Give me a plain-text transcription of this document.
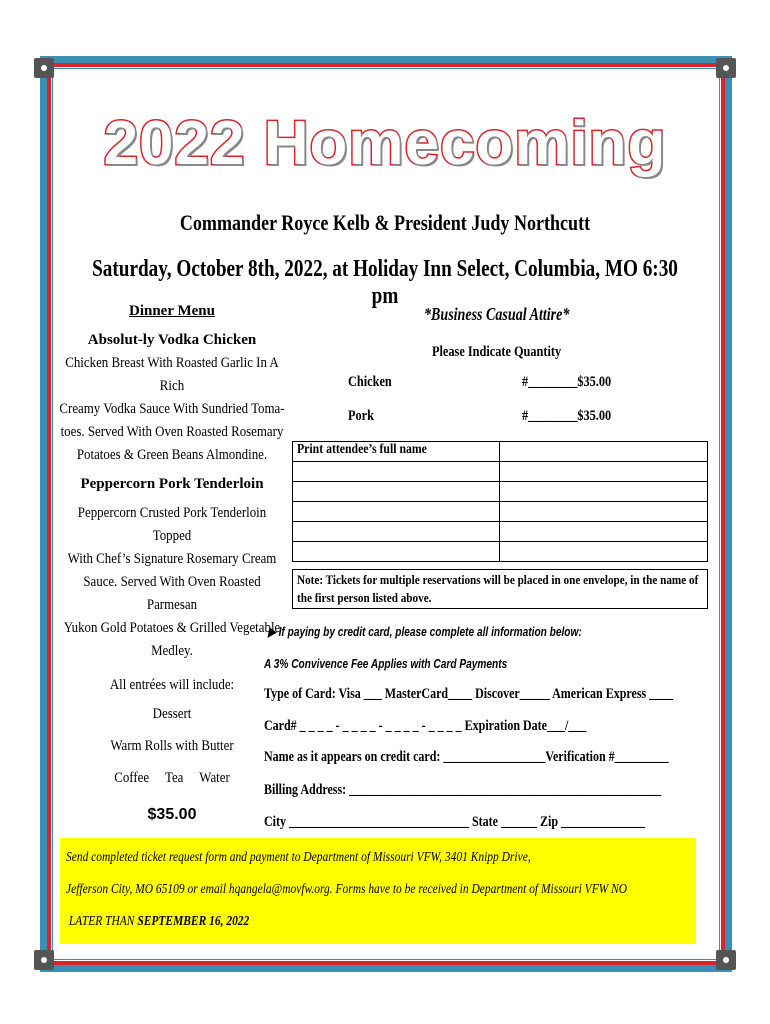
2022 Homecoming
Commander Royce Kelb & President Judy Northcutt
Saturday, October 8th, 2022, at Holiday Inn Select, Columbia, MO 6:30 pm
Dinner Menu
Absolut-ly Vodka Chicken
Chicken Breast With Roasted Garlic In A Rich
Creamy Vodka Sauce With Sundried Toma-
toes. Served With Oven Roasted Rosemary
Potatoes & Green Beans Almondine.
Peppercorn Pork Tenderloin
Peppercorn Crusted Pork Tenderloin Topped
With Chef’s Signature Rosemary Cream
Sauce. Served With Oven Roasted Parmesan
Yukon Gold Potatoes & Grilled Vegetable
Medley.
All entrées will include:
Dessert
Warm Rolls with Butter
Coffee     Tea     Water
$35.00
*Business Casual Attire*
Please Indicate Quantity
Chicken	#________$35.00
Pork	#________$35.00
Print attendee’s full name	

Note: Tickets for multiple reservations will be placed in one envelope, in the name of
the first person listed above.
▶ If paying by credit card, please complete all information below:
A 3% Convivence Fee Applies with Card Payments
Type of Card: Visa ___ MasterCard____ Discover_____ American Express ____
Card# _ _ _ _ - _ _ _ _ - _ _ _ _ - _ _ _ _ Expiration Date___/___
Name as it appears on credit card: _________________Verification #_________
Billing Address: ____________________________________________________
City ______________________________ State ______ Zip ______________
Send completed ticket request form and payment to Department of Missouri VFW, 3401 Knipp Drive,
Jefferson City, MO 65109 or email hqangela@movfw.org. Forms have to be received in Department of Missouri VFW NO
LATER THAN SEPTEMBER 16, 2022
